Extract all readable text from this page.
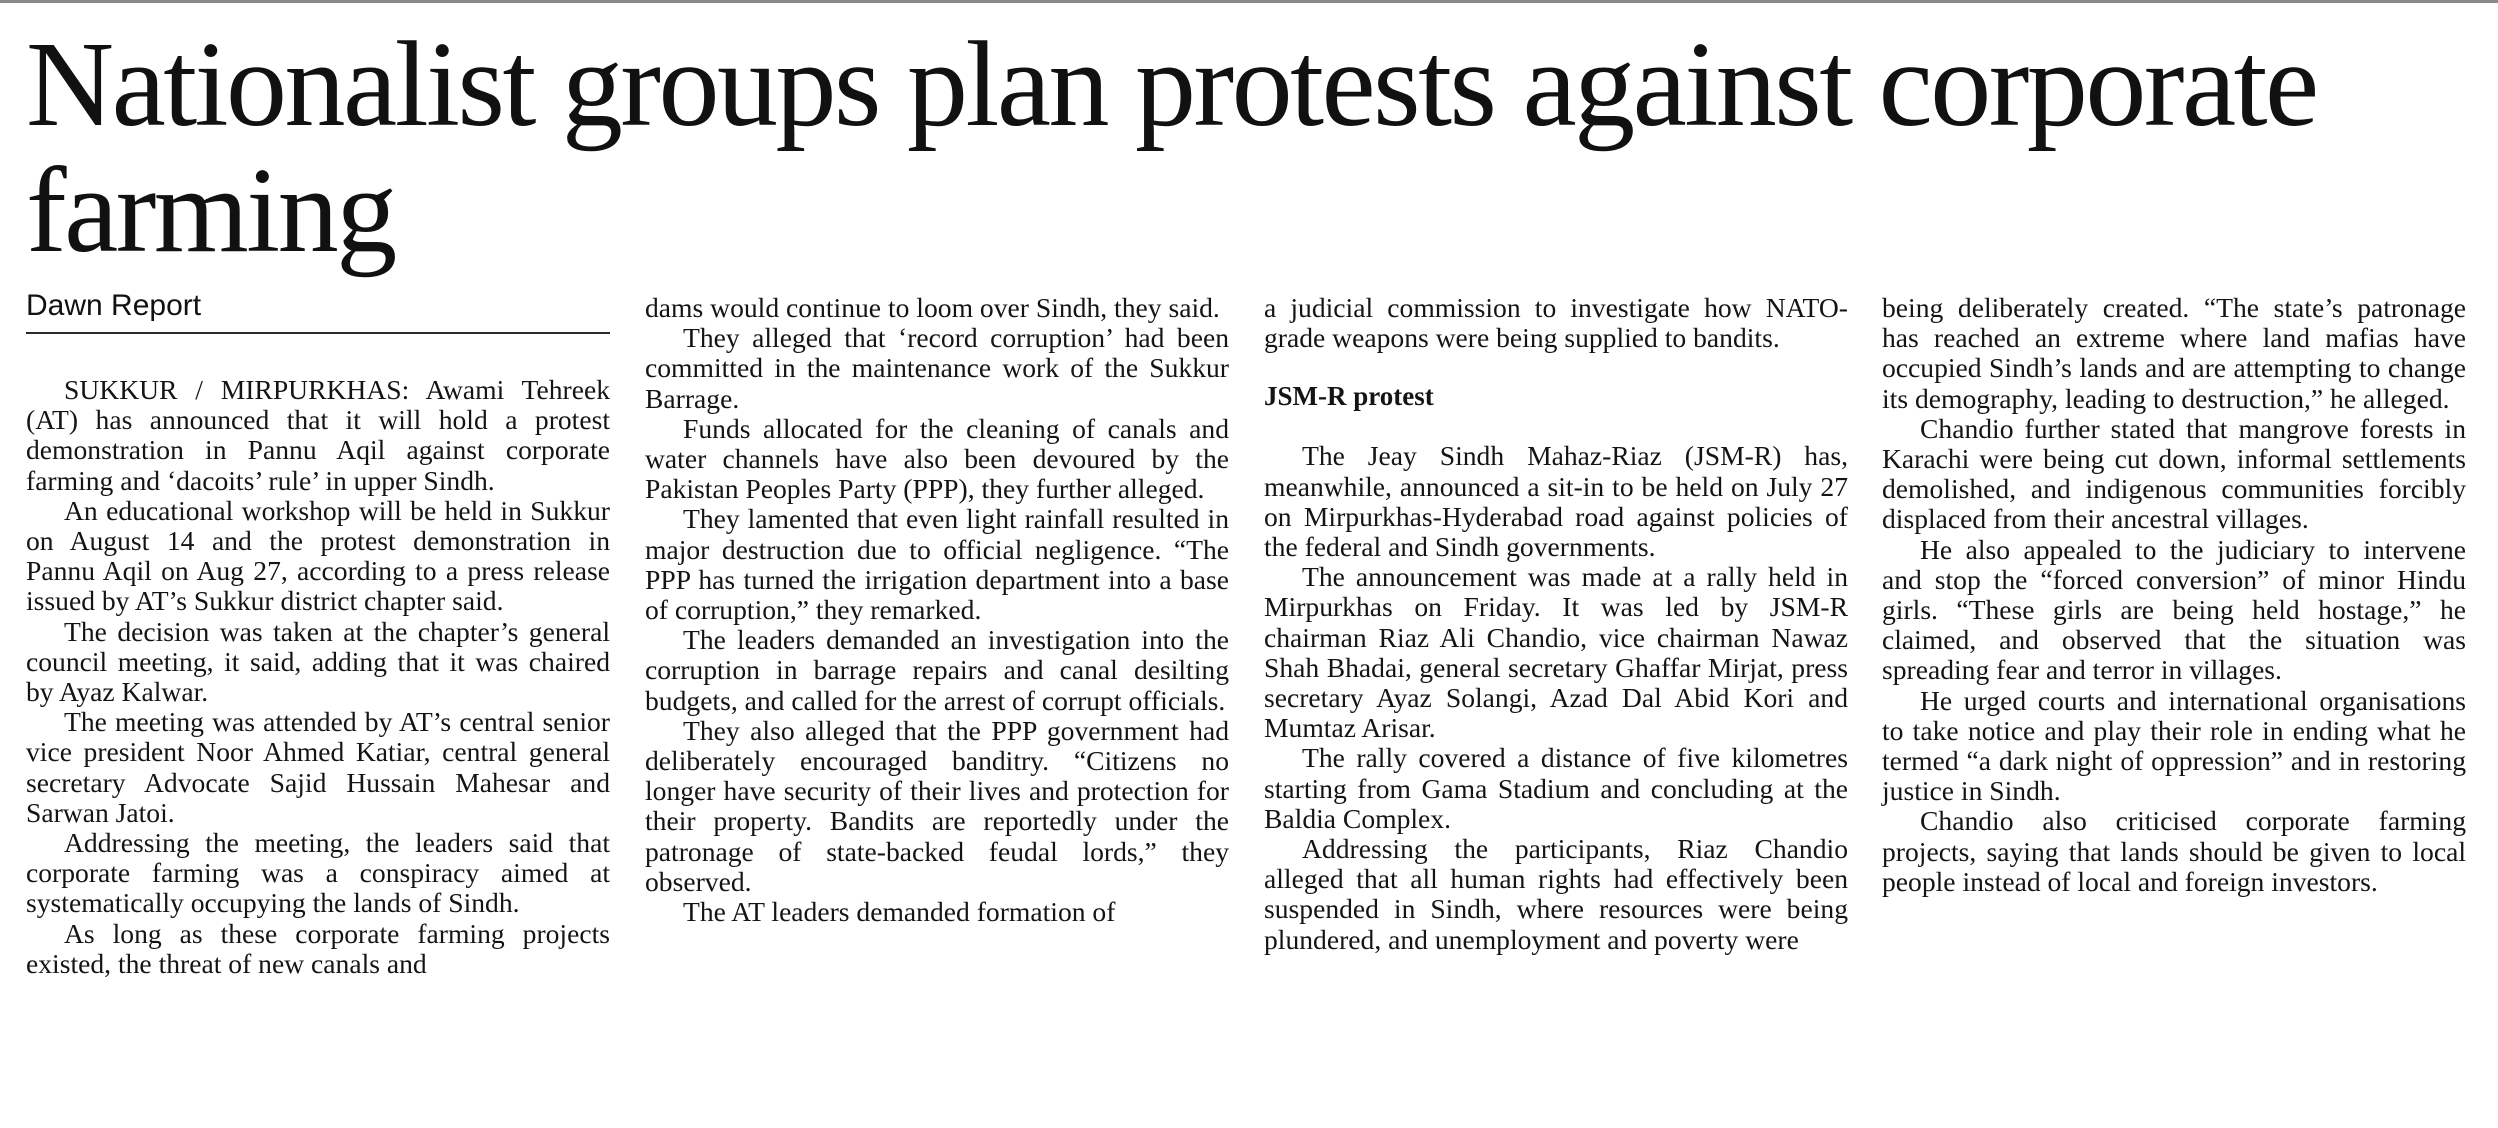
Nationalist groups plan protests against corporate farming
Dawn Report

SUKKUR / MIRPURKHAS: Awami Tehreek (AT) has announced that it will hold a protest demonstration in Pannu Aqil against corporate farming and ‘dacoits’ rule’ in upper Sindh.

An educational workshop will be held in Sukkur on August 14 and the protest demonstration in Pannu Aqil on Aug 27, according to a press release issued by AT’s Sukkur district chapter said.

The decision was taken at the chapter’s general council meeting, it said, adding that it was chaired by Ayaz Kalwar.

The meeting was attended by AT’s central senior vice president Noor Ahmed Katiar, central general secretary Advocate Sajid Hussain Mahesar and Sarwan Jatoi.

Addressing the meeting, the leaders said that corporate farming was a conspiracy aimed at systematically occupying the lands of Sindh.

As long as these corporate farming projects existed, the threat of new canals and

dams would continue to loom over Sindh, they said.

They alleged that ‘record corruption’ had been committed in the maintenance work of the Sukkur Barrage.

Funds allocated for the cleaning of canals and water channels have also been devoured by the Pakistan Peoples Party (PPP), they further alleged.

They lamented that even light rainfall resulted in major destruction due to official negligence. “The PPP has turned the irrigation department into a base of corruption,” they remarked.

The leaders demanded an investigation into the corruption in barrage repairs and canal desilting budgets, and called for the arrest of corrupt officials.

They also alleged that the PPP government had deliberately encouraged banditry. “Citizens no longer have security of their lives and protection for their property. Bandits are reportedly under the patronage of state-backed feudal lords,” they observed.

The AT leaders demanded formation of

a judicial commission to investigate how NATO-grade weapons were being supplied to bandits.

JSM-R protest

The Jeay Sindh Mahaz-Riaz (JSM-R) has, meanwhile, announced a sit-in to be held on July 27 on Mirpurkhas-Hyderabad road against policies of the federal and Sindh governments.

The announcement was made at a rally held in Mirpurkhas on Friday. It was led by JSM-R chairman Riaz Ali Chandio, vice chairman Nawaz Shah Bhadai, general secretary Ghaffar Mirjat, press secretary Ayaz Solangi, Azad Dal Abid Kori and Mumtaz Arisar.

The rally covered a distance of five kilometres starting from Gama Stadium and concluding at the Baldia Complex.

Addressing the participants, Riaz Chandio alleged that all human rights had effectively been suspended in Sindh, where resources were being plundered, and unemployment and poverty were

being deliberately created. “The state’s patronage has reached an extreme where land mafias have occupied Sindh’s lands and are attempting to change its demography, leading to destruction,” he alleged.

Chandio further stated that mangrove forests in Karachi were being cut down, informal settlements demolished, and indigenous communities forcibly displaced from their ancestral villages.

He also appealed to the judiciary to intervene and stop the “forced conversion” of minor Hindu girls. “These girls are being held hostage,” he claimed, and observed that the situation was spreading fear and terror in villages.

He urged courts and international organisations to take notice and play their role in ending what he termed “a dark night of oppression” and in restoring justice in Sindh.

Chandio also criticised corporate farming projects, saying that lands should be given to local people instead of local and foreign investors.
